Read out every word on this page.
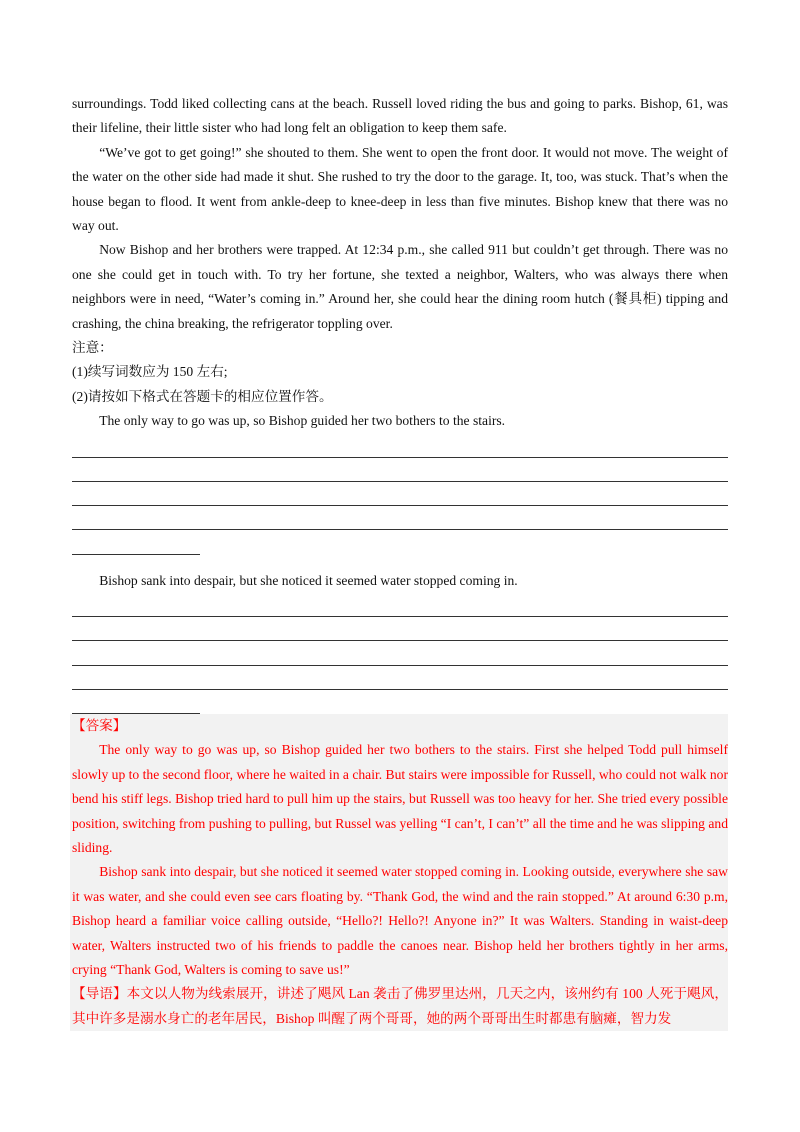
surroundings. Todd liked collecting cans at the beach. Russell loved riding the bus and going to parks. Bishop, 61, was their lifeline, their little sister who had long felt an obligation to keep them safe.

“We’ve got to get going!” she shouted to them. She went to open the front door. It would not move. The weight of the water on the other side had made it shut. She rushed to try the door to the garage. It, too, was stuck. That’s when the house began to flood. It went from ankle-deep to knee-deep in less than five minutes. Bishop knew that there was no way out.

Now Bishop and her brothers were trapped. At 12:34 p.m., she called 911 but couldn’t get through. There was no one she could get in touch with. To try her fortune, she texted a neighbor, Walters, who was always there when neighbors were in need, “Water’s coming in.” Around her, she could hear the dining room hutch (餐具柜) tipping and crashing, the china breaking, the refrigerator toppling over.

注意：

(1)续写词数应为 150 左右;

(2)请按如下格式在答题卡的相应位置作答。

The only way to go was up, so Bishop guided her two bothers to the stairs.

Bishop sank into despair, but she noticed it seemed water stopped coming in.

【答案】

The only way to go was up, so Bishop guided her two bothers to the stairs. First she helped Todd pull himself slowly up to the second floor, where he waited in a chair. But stairs were impossible for Russell, who could not walk nor bend his stiff legs. Bishop tried hard to pull him up the stairs, but Russell was too heavy for her. She tried every possible position, switching from pushing to pulling, but Russel was yelling “I can’t, I can’t” all the time and he was slipping and sliding.

Bishop sank into despair, but she noticed it seemed water stopped coming in. Looking outside, everywhere she saw it was water, and she could even see cars floating by. “Thank God, the wind and the rain stopped.” At around 6:30 p.m, Bishop heard a familiar voice calling outside, “Hello?! Hello?! Anyone in?” It was Walters. Standing in waist-deep water, Walters instructed two of his friends to paddle the canoes near. Bishop held her brothers tightly in her arms, crying “Thank God, Walters is coming to save us!”

【导语】本文以人物为线索展开，讲述了飓风 Lan 袭击了佛罗里达州，几天之内，该州约有 100 人死于飓风，其中许多是溺水身亡的老年居民，Bishop 叫醒了两个哥哥，她的两个哥哥出生时都患有脑瘫，智力发
